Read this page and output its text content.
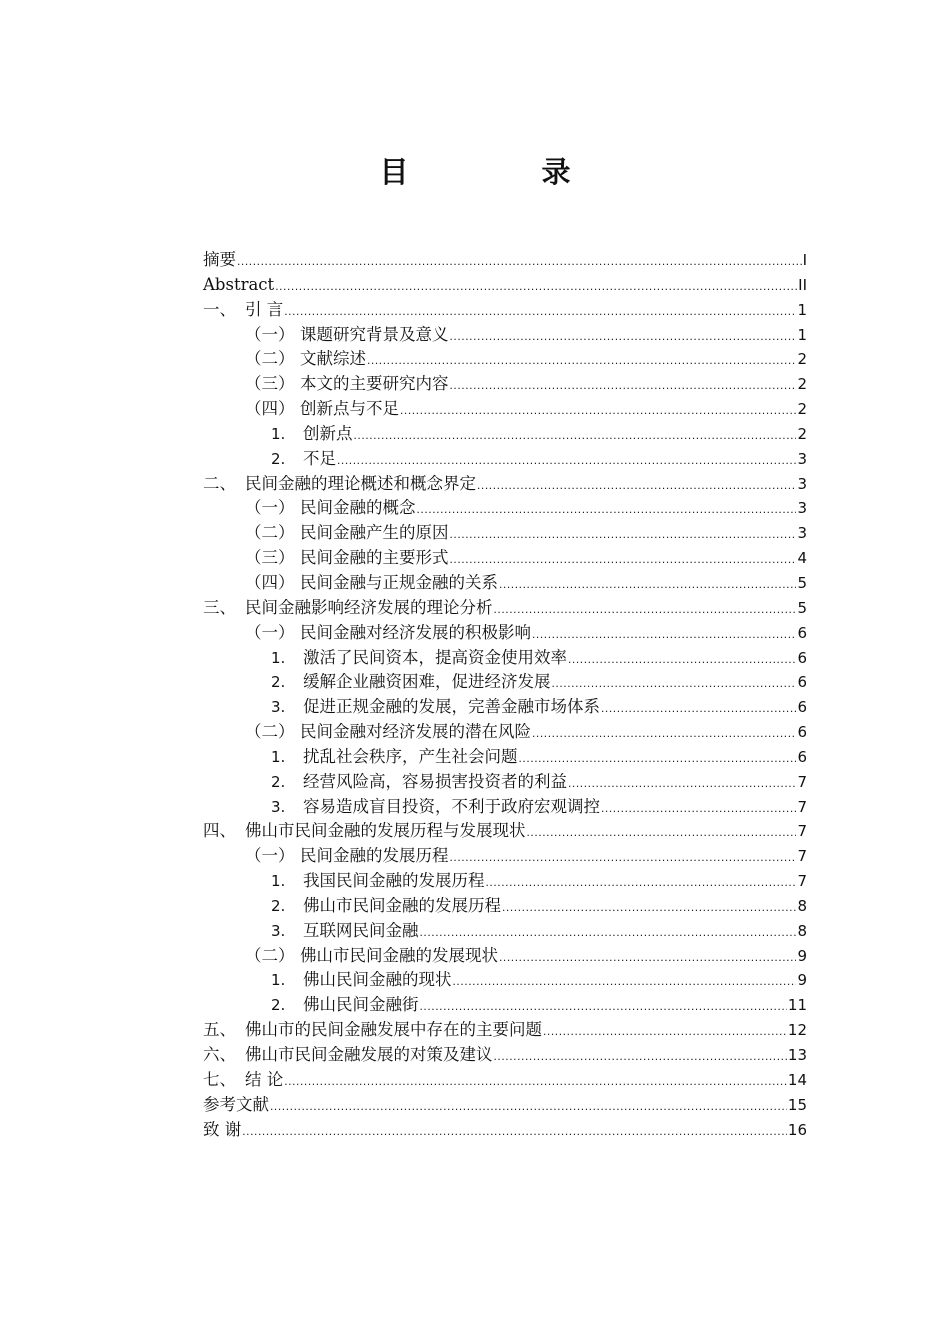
目　录
摘要 .....	I
Abstract .....	II
一、 引 言 .....	1
（一） 课题研究背景及意义 .....	1
（二） 文献综述 .....	2
（三） 本文的主要研究内容 .....	2
（四） 创新点与不足 .....	2
1.	创新点 .....	2
2.	不足 .....	3
二、 民间金融的理论概述和概念界定 .....	3
（一） 民间金融的概念 .....	3
（二） 民间金融产生的原因 .....	3
（三） 民间金融的主要形式 .....	4
（四） 民间金融与正规金融的关系 .....	5
三、 民间金融影响经济发展的理论分析 .....	5
（一） 民间金融对经济发展的积极影响 .....	6
1.	激活了民间资本，提高资金使用效率 .....	6
2.	缓解企业融资困难，促进经济发展 .....	6
3.	促进正规金融的发展，完善金融市场体系 .....	6
（二） 民间金融对经济发展的潜在风险 .....	6
1.	扰乱社会秩序，产生社会问题 .....	6
2.	经营风险高，容易损害投资者的利益 .....	7
3.	容易造成盲目投资，不利于政府宏观调控 .....	7
四、 佛山市民间金融的发展历程与发展现状 .....	7
（一） 民间金融的发展历程 .....	7
1.	我国民间金融的发展历程 .....	7
2.	佛山市民间金融的发展历程 .....	8
3.	互联网民间金融 .....	8
（二） 佛山市民间金融的发展现状 .....	9
1.	佛山民间金融的现状 .....	9
2.	佛山民间金融街 .....	11
五、 佛山市的民间金融发展中存在的主要问题 .....	12
六、 佛山市民间金融发展的对策及建议 .....	13
七、 结 论 .....	14
参考文献 .....	15
致 谢 .....	16
